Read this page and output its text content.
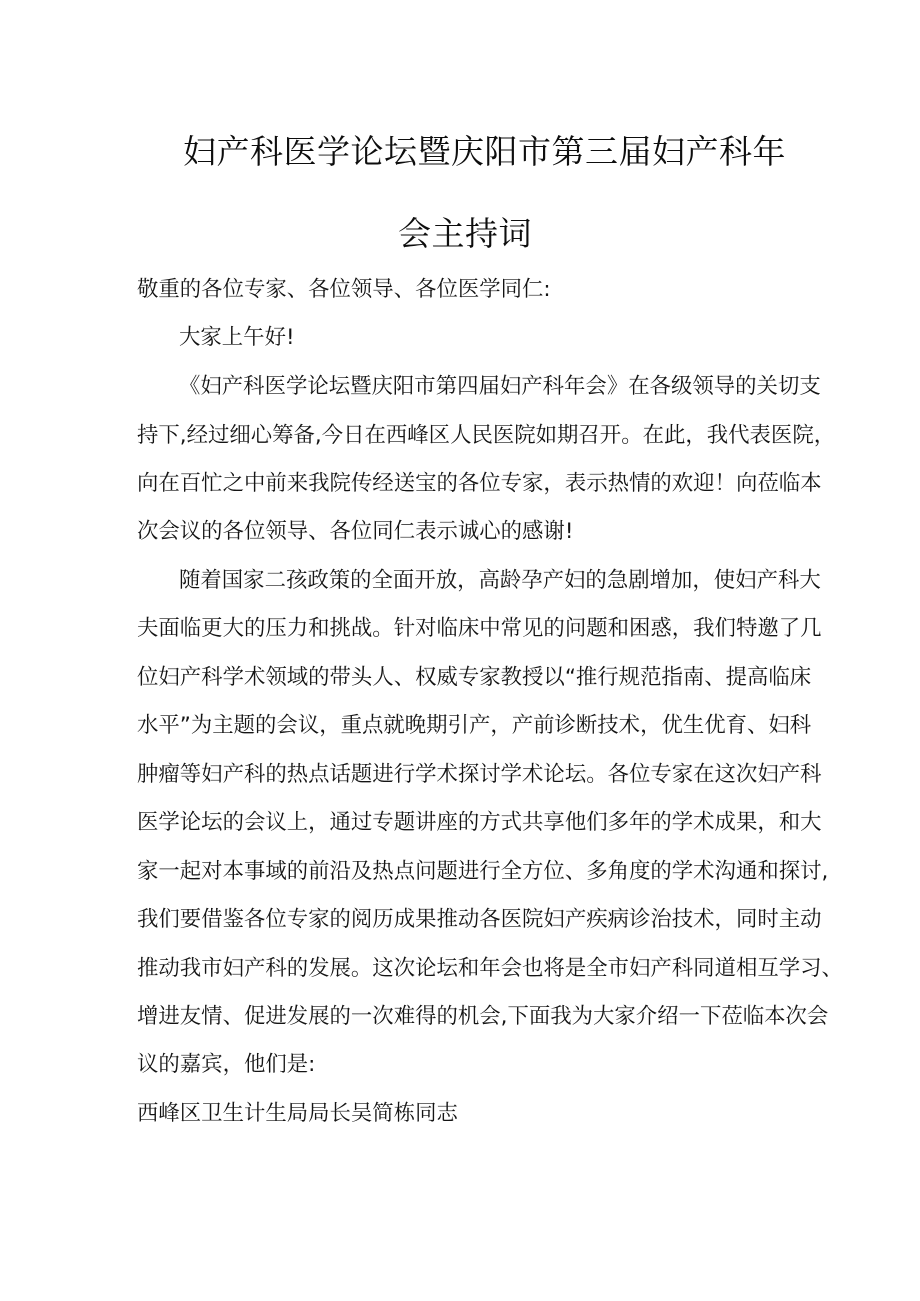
妇产科医学论坛暨庆阳市第三届妇产科年
会主持词
敬重的各位专家、各位领导、各位医学同仁:
大家上午好!
《妇产科医学论坛暨庆阳市第四届妇产科年会》在各级领导的关切支
持下,经过细心筹备,今日在西峰区人民医院如期召开。在此，我代表医院，
向在百忙之中前来我院传经送宝的各位专家，表示热情的欢迎！向莅临本
次会议的各位领导、各位同仁表示诚心的感谢!
随着国家二孩政策的全面开放，高龄孕产妇的急剧增加，使妇产科大
夫面临更大的压力和挑战。针对临床中常见的问题和困惑，我们特邀了几
位妇产科学术领域的带头人、权威专家教授以“推行规范指南、提高临床
水平”为主题的会议，重点就晚期引产，产前诊断技术，优生优育、妇科
肿瘤等妇产科的热点话题进行学术探讨学术论坛。各位专家在这次妇产科
医学论坛的会议上，通过专题讲座的方式共享他们多年的学术成果，和大
家一起对本事域的前沿及热点问题进行全方位、多角度的学术沟通和探讨,
我们要借鉴各位专家的阅历成果推动各医院妇产疾病诊治技术，同时主动
推动我市妇产科的发展。这次论坛和年会也将是全市妇产科同道相互学习、
增进友情、促进发展的一次难得的机会,下面我为大家介绍一下莅临本次会
议的嘉宾，他们是:
西峰区卫生计生局局长吴简栋同志
